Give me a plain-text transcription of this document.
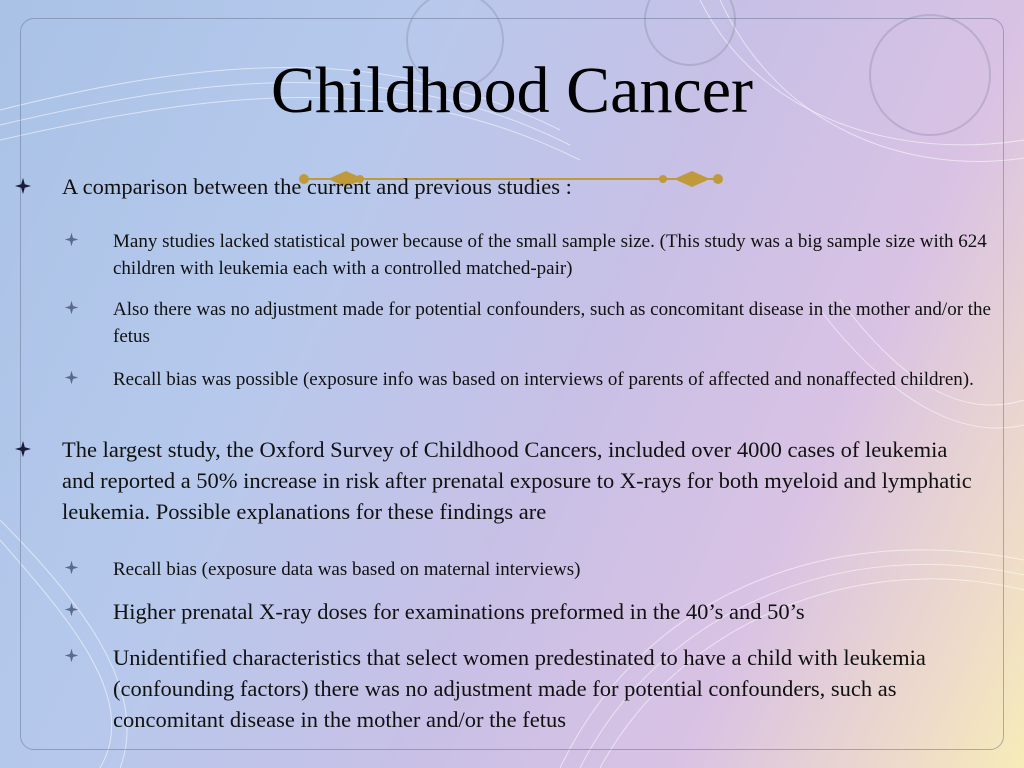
Childhood Cancer
A comparison between the current and previous studies :
Many studies lacked statistical power because of the small sample size. (This study was a big sample size with 624 children with leukemia each with a controlled matched-pair)
Also there was no adjustment made for potential confounders, such as concomitant disease in the mother and/or the fetus
Recall bias was possible (exposure info was based on interviews of parents of affected and nonaffected children).
The largest study, the Oxford Survey of Childhood Cancers, included over 4000 cases of leukemia and reported a 50% increase in risk after prenatal exposure to X-rays for both myeloid and lymphatic leukemia. Possible explanations for these findings are
Recall bias (exposure data was based on maternal interviews)
Higher prenatal X-ray doses for examinations preformed in the 40’s and 50’s
Unidentified characteristics that select women predestinated to have a child with leukemia (confounding factors) there was no adjustment made for potential confounders, such as concomitant disease in the mother and/or the fetus
